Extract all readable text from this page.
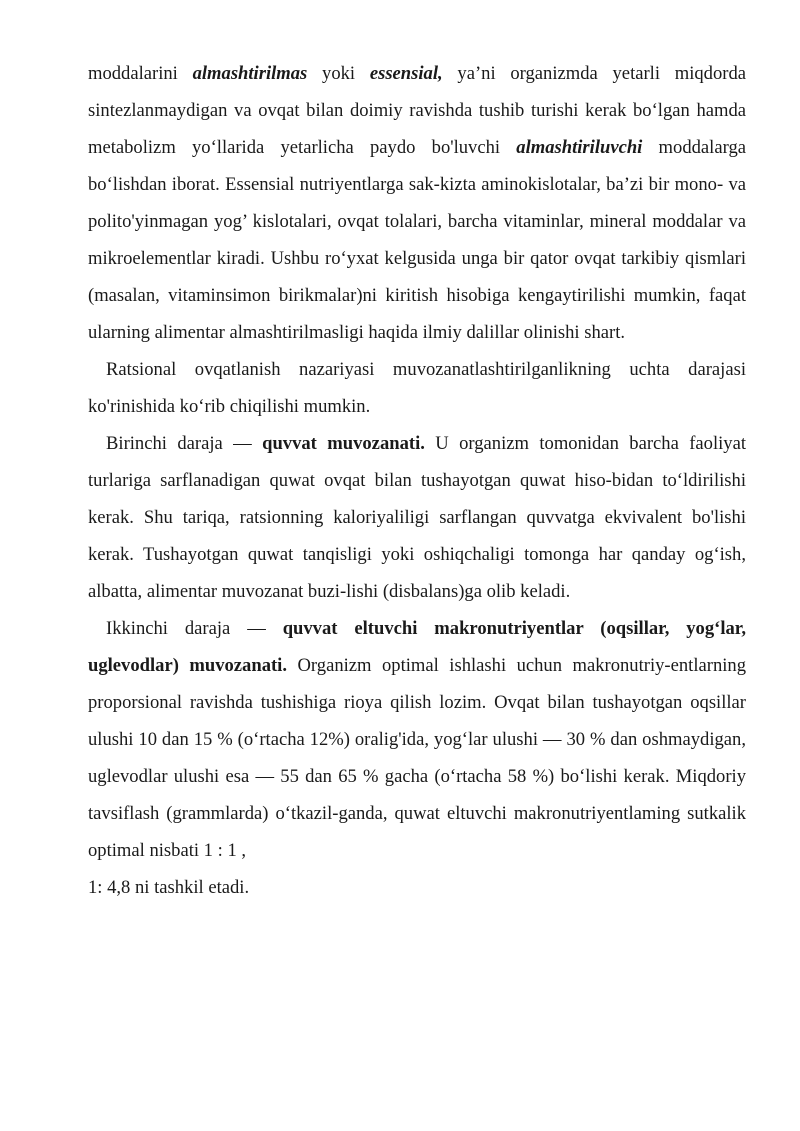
moddalarini almashtirilmas yoki essensial, ya’ni organizmda yetarli miqdorda sintezlanmaydigan va ovqat bilan doimiy ravishda tushib turishi kerak bo‘lgan hamda metabolizm yo‘llarida yetarlicha paydo bo'luvchi almashtiriluvchi moddalarga bo‘lishdan iborat. Essensial nutriyentlarga sak-kizta aminokislotalar, ba’zi bir mono- va polito'yinmagan yog’ kislotalari, ovqat tolalari, barcha vitaminlar, mineral moddalar va mikroelementlar kiradi. Ushbu ro‘yxat kelgusida unga bir qator ovqat tarkibiy qismlari (masalan, vitaminsimon birikmalar)ni kiritish hisobiga kengaytirilishi mumkin, faqat ularning alimentar almashtirilmasligi haqida ilmiy dalillar olinishi shart.

Ratsional ovqatlanish nazariyasi muvozanatlashtirilganlikning uchta darajasi ko'rinishida ko‘rib chiqilishi mumkin.

Birinchi daraja — quvvat muvozanati. U organizm tomonidan barcha faoliyat turlariga sarflanadigan quwat ovqat bilan tushayotgan quwat hiso-bidan to‘ldirilishi kerak. Shu tariqa, ratsionning kaloriyaliligi sarflangan quvvatga ekvivalent bo'lishi kerak. Tushayotgan quwat tanqisligi yoki oshiqchaligi tomonga har qanday og‘ish, albatta, alimentar muvozanat buzi-lishi (disbalans)ga olib keladi.

Ikkinchi daraja — quvvat eltuvchi makronutriyentlar (oqsillar, yog‘lar, uglevodlar) muvozanati. Organizm optimal ishlashi uchun makronutriy-entlarning proporsional ravishda tushishiga rioya qilish lozim. Ovqat bilan tushayotgan oqsillar ulushi 10 dan 15 % (o‘rtacha 12%) oralig'ida, yog‘lar ulushi — 30 % dan oshmaydigan, uglevodlar ulushi esa — 55 dan 65 % gacha (o‘rtacha 58 %) bo‘lishi kerak. Miqdoriy tavsiflash (grammlarda) o‘tkazil-ganda, quwat eltuvchi makronutriyentlaming sutkalik optimal nisbati 1 : 1 ,

1: 4,8 ni tashkil etadi.
